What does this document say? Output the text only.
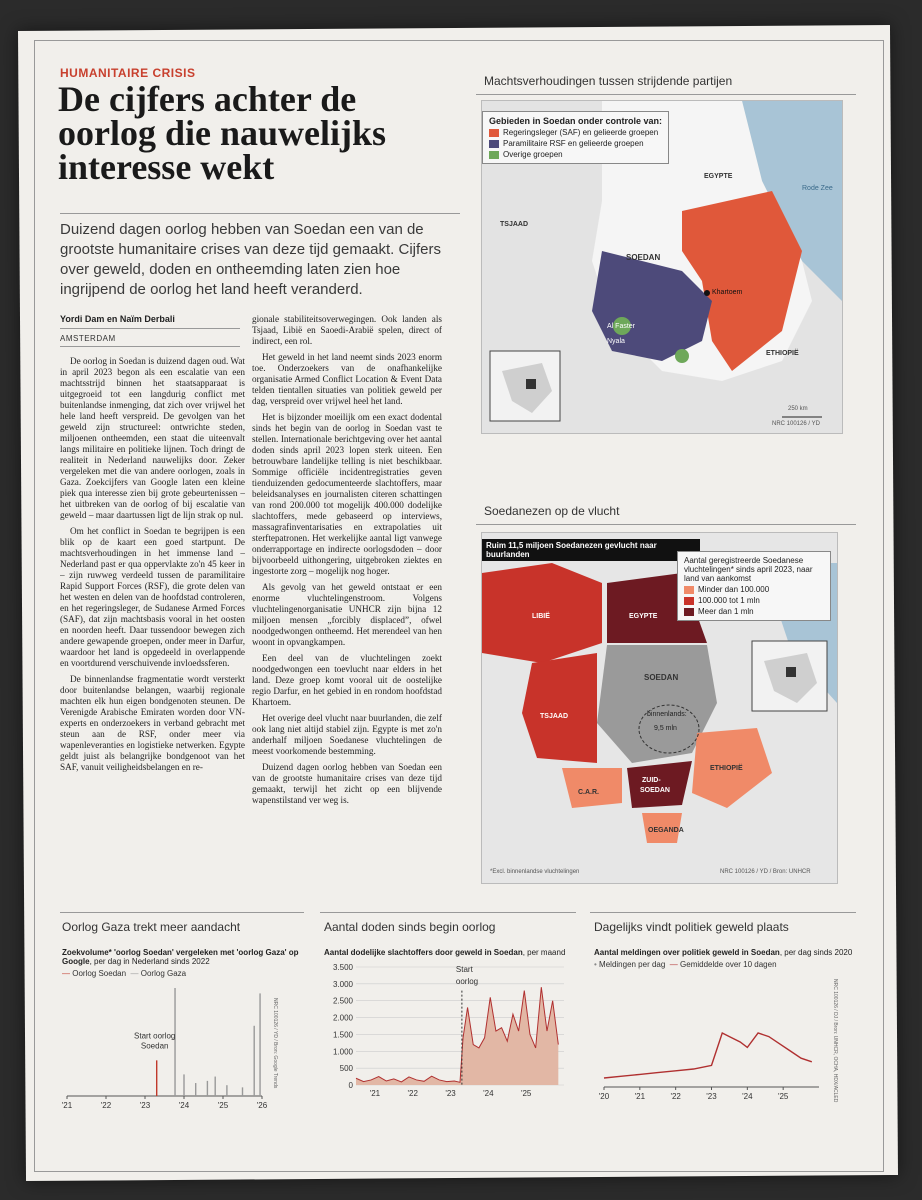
HUMANITAIRE CRISIS
De cijfers achter de oorlog die nauwelijks interesse wekt

Duizend dagen oorlog hebben van Soedan een van de grootste humanitaire crises van deze tijd gemaakt. Cijfers over geweld, doden en ontheemding laten zien hoe ingrijpend de oorlog het land heeft veranderd.

Yordi Dam en Naïm Derbali
AMSTERDAM

De oorlog in Soedan is duizend dagen oud. Wat in april 2023 begon als een escalatie van een machtsstrijd binnen het staatsapparaat is uitgegroeid tot een langdurig conflict met buitenlandse inmenging, dat zich over vrijwel het hele land heeft verspreid. De gevolgen van het geweld zijn structureel: ontwrichte steden, miljoenen ontheemden, een staat die uiteenvalt langs militaire en politieke lijnen. Toch dringt de realiteit in Nederland nauwelijks door. Zeker vergeleken met die van andere oorlogen, zoals in Gaza. Zoekcijfers van Google laten een kleine piek qua interesse zien bij grote gebeurtenissen – het uitbreken van de oorlog of bij escalatie van geweld – maar daartussen ligt de lijn strak op nul.

Om het conflict in Soedan te begrijpen is een blik op de kaart een goed startpunt. De machtsverhoudingen in het immense land – Nederland past er qua oppervlakte zo'n 45 keer in – zijn ruwweg verdeeld tussen de paramilitaire Rapid Support Forces (RSF), die grote delen van het westen en delen van de hoofdstad controleren, en het regeringsleger, de Sudanese Armed Forces (SAF), dat zijn machtsbasis vooral in het oosten en noorden heeft. Daar tussendoor bewegen zich andere gewapende groepen, onder meer in Darfur, waardoor het land is opgedeeld in overlappende en voortdurend verschuivende invloedssferen.

De binnenlandse fragmentatie wordt versterkt door buitenlandse belangen, waarbij regionale machten elk hun eigen bondgenoten steunen. De Verenigde Arabische Emiraten worden door VN-experts en onderzoekers in verband gebracht met steun aan de RSF, onder meer via wapenleveranties en logistieke netwerken. Egypte geldt juist als belangrijke bondgenoot van het SAF, vanuit veiligheidsbelangen en re-

gionale stabiliteitsoverwegingen. Ook landen als Tsjaad, Libië en Saoedi-Arabië spelen, direct of indirect, een rol.

Het geweld in het land neemt sinds 2023 enorm toe. Onderzoekers van de onafhankelijke organisatie Armed Conflict Location & Event Data telden tientallen situaties van politiek geweld per dag, verspreid over vrijwel heel het land.

Het is bijzonder moeilijk om een exact dodental sinds het begin van de oorlog in Soedan vast te stellen. Internationale berichtgeving over het aantal doden sinds april 2023 lopen sterk uiteen. Een betrouwbare landelijke telling is niet beschikbaar. Sommige officiële incidentregistraties geven tienduizenden gedocumenteerde slachtoffers, maar beleidsanalyses en journalisten citeren schattingen van rond 200.000 tot mogelijk 400.000 dodelijke slachtoffers, mede gebaseerd op interviews, massagrafinventarisaties en extrapolaties uit sterftepatronen. Het werkelijke aantal ligt vanwege onderrapportage en indirecte oorlogsdoden – door bijvoorbeeld uithongering, uitgebroken ziektes en ingestorte zorg – mogelijk nog hoger.

Als gevolg van het geweld ontstaat er een enorme vluchtelingenstroom. Volgens vluchtelingenorganisatie UNHCR zijn bijna 12 miljoen mensen „forcibly displaced”, ofwel noodgedwongen ontheemd. Het merendeel van hen woont in opvangkampen.

Een deel van de vluchtelingen zoekt noodgedwongen een toevlucht naar elders in het land. Deze groep komt vooral uit de oostelijke regio Darfur, en het gebied in en rondom hoofdstad Khartoem.

Het overige deel vlucht naar buurlanden, die zelf ook lang niet altijd stabiel zijn. Egypte is met zo'n anderhalf miljoen Soedanese vluchtelingen de meest voorkomende bestemming.

Duizend dagen oorlog hebben van Soedan een van de grootste humanitaire crises van deze tijd gemaakt, terwijl het zicht op een blijvende wapenstilstand ver weg is.

Machtsverhoudingen tussen strijdende partijen
Gebieden in Soedan onder controle van:
Regeringsleger (SAF) en gelieerde groepen
Paramilitaire RSF en gelieerde groepen
Overige groepen
EGYPTE
Rode Zee
TSJAAD
SOEDAN
Khartoem
Al Faster
Nyala
ETHIOPIË
250 km
NRC 100126 / YD
Soedanezen op de vlucht
Ruim 11,5 miljoen Soedanezen gevlucht naar buurlanden
Aantal geregistreerde Soedanese vluchtelingen* sinds april 2023, naar land van aankomst
Minder dan 100.000
100.000 tot 1 mln
Meer dan 1 mln
LIBIË	EGYPTE
SOEDAN
binnenlands:
9,5 mln
TSJAAD
C.A.R.
ZUID-
SOEDAN
ETHIOPIË
OEGANDA
*Excl. binnenlandse vluchtelingen	NRC 100126 / YD / Bron: UNHCR
Oorlog Gaza trekt meer aandacht
Zoekvolume* 'oorlog Soedan' vergeleken met 'oorlog Gaza' op Google, per dag in Nederland sinds 2022
— Oorlog Soedan — Oorlog Gaza
'21	'22	'23	'24	'25	'26
Start oorlog
Soedan	NRC 100126 / YD / Bron: Google Trends
Aantal doden sinds begin oorlog
Aantal dodelijke slachtoffers door geweld in Soedan, per maand
3.500
3.000
2.500
2.000
1.500
1.000
500
0
'21	'22	'23	'24	'25
Start
oorlog
Dagelijks vindt politiek geweld plaats
Aantal meldingen over politiek geweld in Soedan, per dag sinds 2020
• Meldingen per dag — Gemiddelde over 10 dagen
'20	'21	'22	'23	'24	'25	NRC 100126 / DJ / Bron: UNHCR, OCHA, HDX/ACLED
